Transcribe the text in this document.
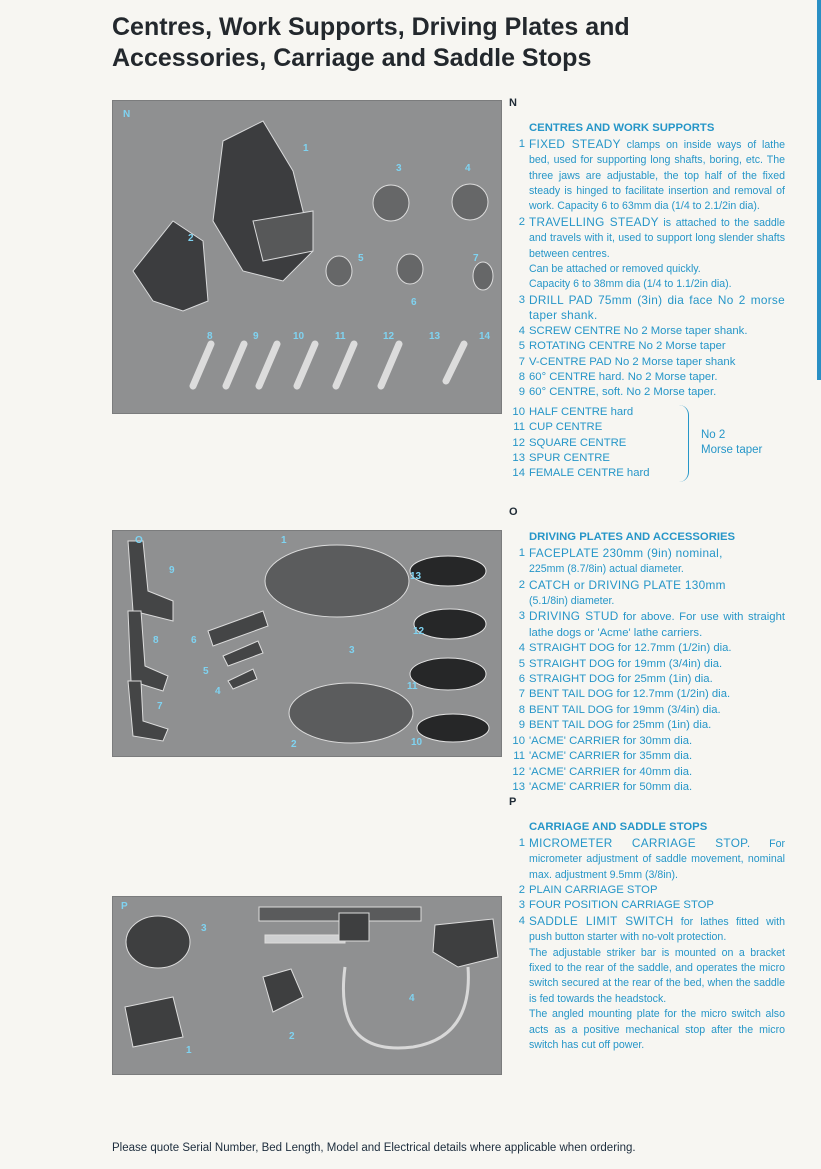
Centres, Work Supports, Driving Plates and
Accessories, Carriage and Saddle Stops
N
1
2
3	4
5
6
7
8	9	10	11	12	13	14
O	1
2
3
4
5
6
7
8
9
10
11
12
13
P
1
2
3
4
N
CENTRES AND WORK SUPPORTS
1 FIXED STEADY clamps on inside ways of lathe bed, used for supporting long shafts, boring, etc. The three jaws are adjustable, the top half of the fixed steady is hinged to facilitate insertion and removal of work. Capacity 6 to 63mm dia (1/4 to 2.1/2in dia).
2 TRAVELLING STEADY is attached to the saddle and travels with it, used to support long slender shafts between centres.
Can be attached or removed quickly.
Capacity 6 to 38mm dia (1/4 to 1.1/2in dia).
3 DRILL PAD 75mm (3in) dia face No 2 morse taper shank.
4 SCREW CENTRE No 2 Morse taper shank.
5 ROTATING CENTRE No 2 Morse taper
7 V-CENTRE PAD No 2 Morse taper shank
8 60° CENTRE hard. No 2 Morse taper.
9 60° CENTRE, soft. No 2 Morse taper.
10 HALF CENTRE hard
11 CUP CENTRE
12 SQUARE CENTRE
13 SPUR CENTRE
14 FEMALE CENTRE hard
No 2
Morse taper
O
DRIVING PLATES AND ACCESSORIES
1 FACEPLATE 230mm (9in) nominal,
225mm (8.7/8in) actual diameter.
2 CATCH or DRIVING PLATE 130mm
(5.1/8in) diameter.
3 DRIVING STUD for above. For use with straight lathe dogs or 'Acme' lathe carriers.
4 STRAIGHT DOG for 12.7mm (1/2in) dia.
5 STRAIGHT DOG for 19mm (3/4in) dia.
6 STRAIGHT DOG for 25mm (1in) dia.
7 BENT TAIL DOG for 12.7mm (1/2in) dia.
8 BENT TAIL DOG for 19mm (3/4in) dia.
9 BENT TAIL DOG for 25mm (1in) dia.
10 'ACME' CARRIER for 30mm dia.
11 'ACME' CARRIER for 35mm dia.
12 'ACME' CARRIER for 40mm dia.
13 'ACME' CARRIER for 50mm dia.
P
CARRIAGE AND SADDLE STOPS
1 MICROMETER CARRIAGE STOP. For micrometer adjustment of saddle movement, nominal max. adjustment 9.5mm (3/8in).
2 PLAIN CARRIAGE STOP
3 FOUR POSITION CARRIAGE STOP
4 SADDLE LIMIT SWITCH for lathes fitted with push button starter with no-volt protection.
The adjustable striker bar is mounted on a bracket fixed to the rear of the saddle, and operates the micro switch secured at the rear of the bed, when the saddle is fed towards the headstock.
The angled mounting plate for the micro switch also acts as a positive mechanical stop after the micro switch has cut off power.
Please quote Serial Number, Bed Length, Model and Electrical details where applicable when ordering.
